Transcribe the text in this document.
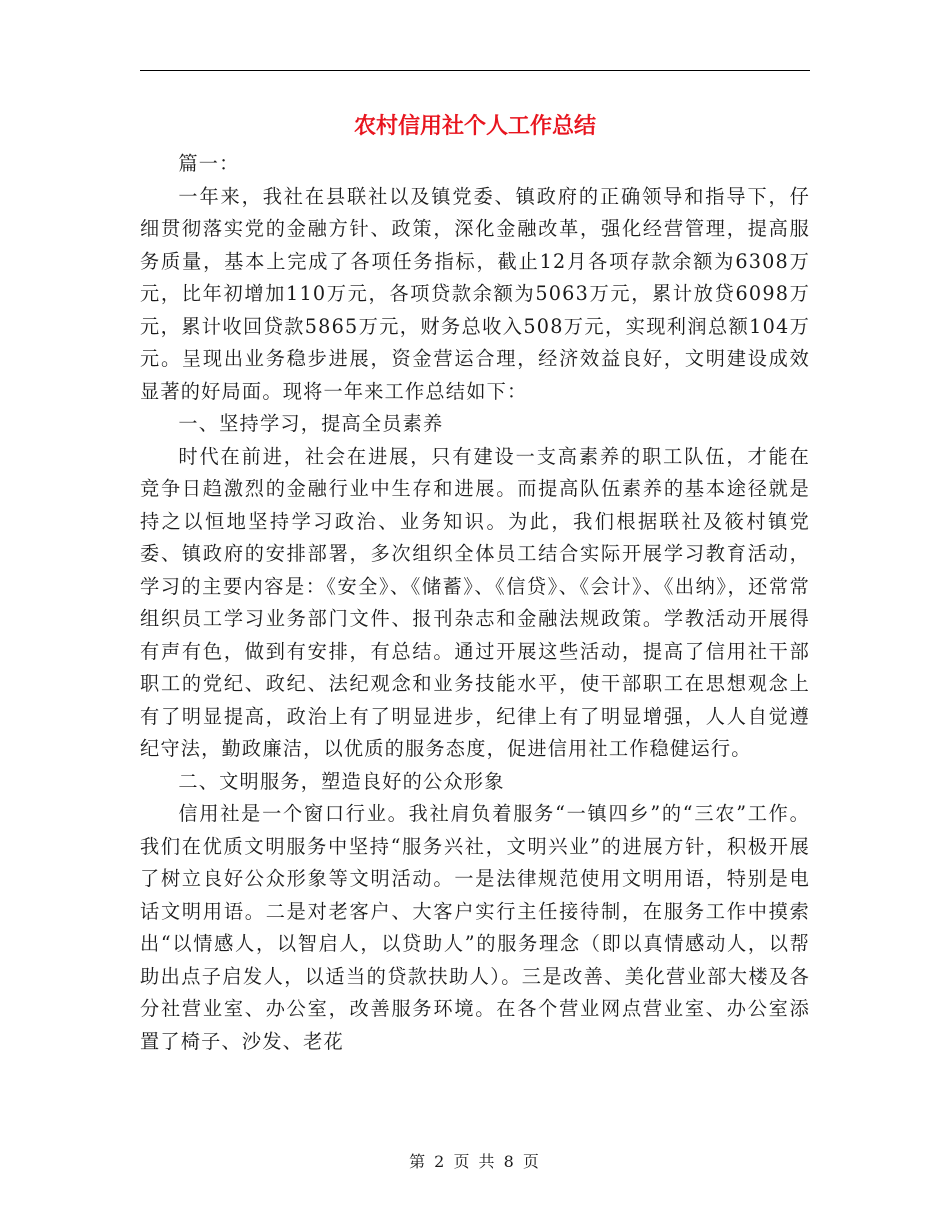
农村信用社个人工作总结

篇一：

一年来，我社在县联社以及镇党委、镇政府的正确领导和指导下，仔细贯彻落实党的金融方针、政策，深化金融改革，强化经营管理，提高服务质量，基本上完成了各项任务指标，截止12月各项存款余额为6308万元，比年初增加110万元，各项贷款余额为5063万元，累计放贷6098万元，累计收回贷款5865万元，财务总收入508万元，实现利润总额104万元。呈现出业务稳步进展，资金营运合理，经济效益良好，文明建设成效显著的好局面。现将一年来工作总结如下：

一、坚持学习，提高全员素养

时代在前进，社会在进展，只有建设一支高素养的职工队伍，才能在竞争日趋激烈的金融行业中生存和进展。而提高队伍素养的基本途径就是持之以恒地坚持学习政治、业务知识。为此，我们根据联社及筱村镇党委、镇政府的安排部署，多次组织全体员工结合实际开展学习教育活动，学习的主要内容是：《安全》、《储蓄》、《信贷》、《会计》、《出纳》，还常常组织员工学习业务部门文件、报刊杂志和金融法规政策。学教活动开展得有声有色，做到有安排，有总结。通过开展这些活动，提高了信用社干部职工的党纪、政纪、法纪观念和业务技能水平，使干部职工在思想观念上有了明显提高，政治上有了明显进步，纪律上有了明显增强，人人自觉遵纪守法，勤政廉洁，以优质的服务态度，促进信用社工作稳健运行。

二、文明服务，塑造良好的公众形象

信用社是一个窗口行业。我社肩负着服务“一镇四乡”的“三农”工作。我们在优质文明服务中坚持“服务兴社，文明兴业”的进展方针，积极开展了树立良好公众形象等文明活动。一是法律规范使用文明用语，特别是电话文明用语。二是对老客户、大客户实行主任接待制，在服务工作中摸索出“以情感人，以智启人，以贷助人”的服务理念（即以真情感动人，以帮助出点子启发人，以适当的贷款扶助人）。三是改善、美化营业部大楼及各分社营业室、办公室，改善服务环境。在各个营业网点营业室、办公室添置了椅子、沙发、老花

第 2 页 共 8 页
